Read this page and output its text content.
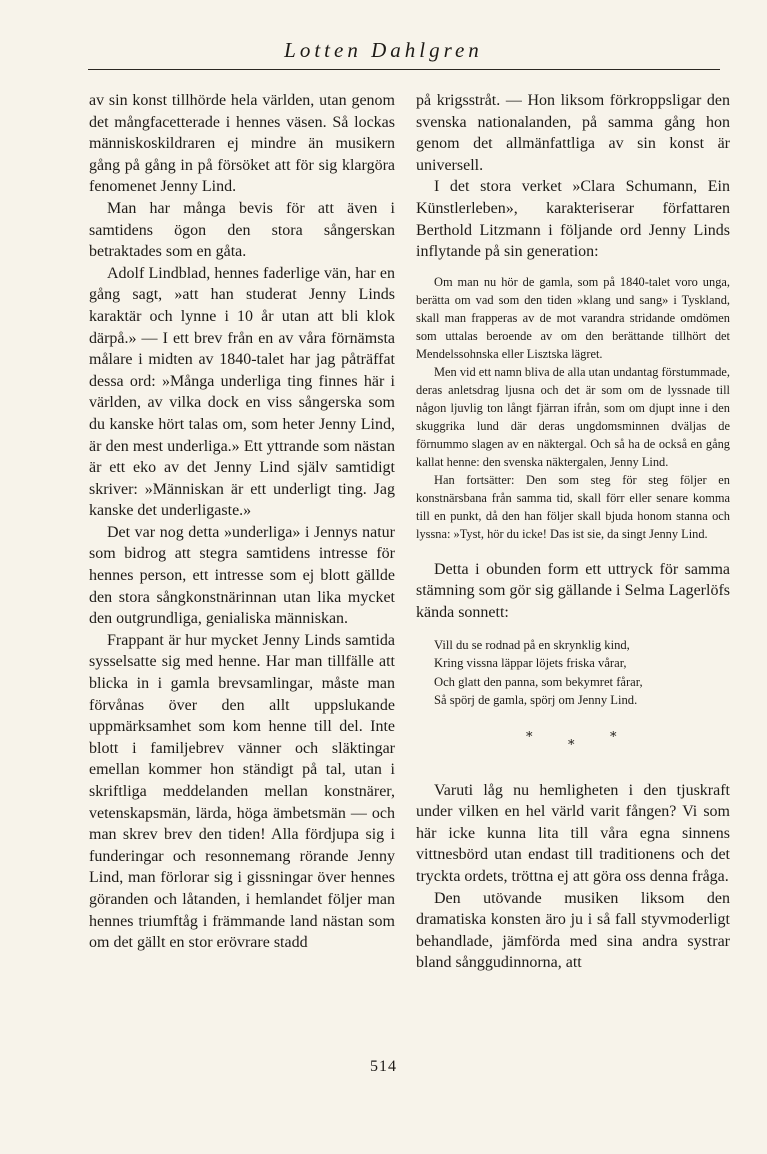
Lotten Dahlgren

av sin konst tillhörde hela världen, utan genom det mångfacetterade i hennes väsen. Så lockas människoskildraren ej mindre än musikern gång på gång in på försöket att för sig klargöra fenomenet Jenny Lind.

Man har många bevis för att även i samtidens ögon den stora sångerskan betraktades som en gåta.

Adolf Lindblad, hennes faderlige vän, har en gång sagt, »att han studerat Jenny Linds karaktär och lynne i 10 år utan att bli klok därpå.» — I ett brev från en av våra förnämsta målare i midten av 1840-talet har jag påträffat dessa ord: »Många underliga ting finnes här i världen, av vilka dock en viss sångerska som du kanske hört talas om, som heter Jenny Lind, är den mest underliga.» Ett yttrande som nästan är ett eko av det Jenny Lind själv samtidigt skriver: »Människan är ett underligt ting. Jag kanske det underligaste.»

Det var nog detta »underliga» i Jennys natur som bidrog att stegra samtidens intresse för hennes person, ett intresse som ej blott gällde den stora sångkonstnärinnan utan lika mycket den outgrundliga, genialiska människan.

Frappant är hur mycket Jenny Linds samtida sysselsatte sig med henne. Har man tillfälle att blicka in i gamla brevsamlingar, måste man förvånas över den allt uppslukande uppmärksamhet som kom henne till del. Inte blott i familjebrev vänner och släktingar emellan kommer hon ständigt på tal, utan i skriftliga meddelanden mellan konstnärer, vetenskapsmän, lärda, höga ämbetsmän — och man skrev brev den tiden! Alla fördjupa sig i funderingar och resonnemang rörande Jenny Lind, man förlorar sig i gissningar över hennes göranden och låtanden, i hemlandet följer man hennes triumftåg i främmande land nästan som om det gällt en stor erövrare stadd

på krigsstråt. — Hon liksom förkroppsligar den svenska nationalanden, på samma gång hon genom det allmänfattliga av sin konst är universell.

I det stora verket »Clara Schumann, Ein Künstlerleben», karakteriserar författaren Berthold Litzmann i följande ord Jenny Linds inflytande på sin generation:

Om man nu hör de gamla, som på 1840-talet voro unga, berätta om vad som den tiden »klang und sang» i Tyskland, skall man frapperas av de mot varandra stridande omdömen som uttalas beroende av om den berättande tillhört det Mendelssohnska eller Lisztska lägret.

Men vid ett namn bliva de alla utan undantag förstummade, deras anletsdrag ljusna och det är som om de lyssnade till någon ljuvlig ton långt fjärran ifrån, som om djupt inne i den skuggrika lund där deras ungdomsminnen dväljas de förnummo slagen av en näktergal. Och så ha de också en gång kallat henne: den svenska näktergalen, Jenny Lind.

Han fortsätter: Den som steg för steg följer en konstnärsbana från samma tid, skall förr eller senare komma till en punkt, då den han följer skall bjuda honom stanna och lyssna: »Tyst, hör du icke! Das ist sie, da singt Jenny Lind.

Detta i obunden form ett uttryck för samma stämning som gör sig gällande i Selma Lagerlöfs kända sonnett:

Vill du se rodnad på en skrynklig kind,
Kring vissna läppar löjets friska vårar,
Och glatt den panna, som bekymret fårar,
Så spörj de gamla, spörj om Jenny Lind.
*
*
*

Varuti låg nu hemligheten i den tjuskraft under vilken en hel värld varit fången? Vi som här icke kunna lita till våra egna sinnens vittnesbörd utan endast till traditionens och det tryckta ordets, tröttna ej att göra oss denna fråga.

Den utövande musiken liksom den dramatiska konsten äro ju i så fall styvmoderligt behandlade, jämförda med sina andra systrar bland sånggudinnorna, att

514
